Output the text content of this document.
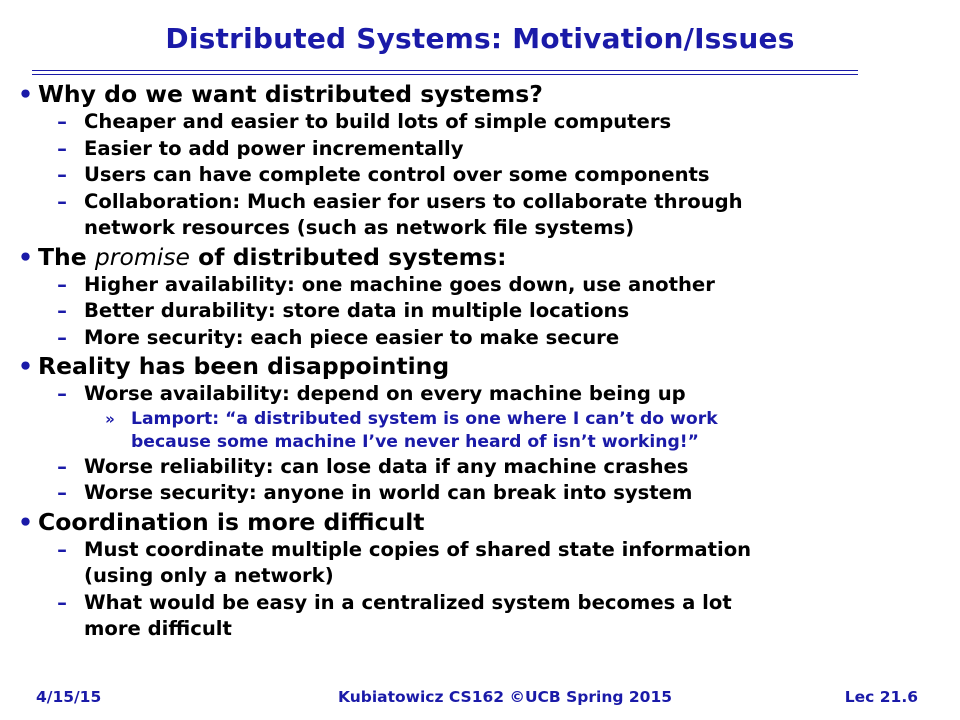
Distributed Systems: Motivation/Issues
• Why do we want distributed systems?
– Cheaper and easier to build lots of simple computers
– Easier to add power incrementally
– Users can have complete control over some components
– Collaboration: Much easier for users to collaborate through
network resources (such as network file systems)
• The promise of distributed systems:
– Higher availability: one machine goes down, use another
– Better durability: store data in multiple locations
– More security: each piece easier to make secure
• Reality has been disappointing
– Worse availability: depend on every machine being up
» Lamport: “a distributed system is one where I can’t do work
because some machine I’ve never heard of isn’t working!”
– Worse reliability: can lose data if any machine crashes
– Worse security: anyone in world can break into system
• Coordination is more difficult
– Must coordinate multiple copies of shared state information
(using only a network)
– What would be easy in a centralized system becomes a lot
more difficult
4/15/15	Kubiatowicz CS162 ©UCB Spring 2015	Lec 21.6
